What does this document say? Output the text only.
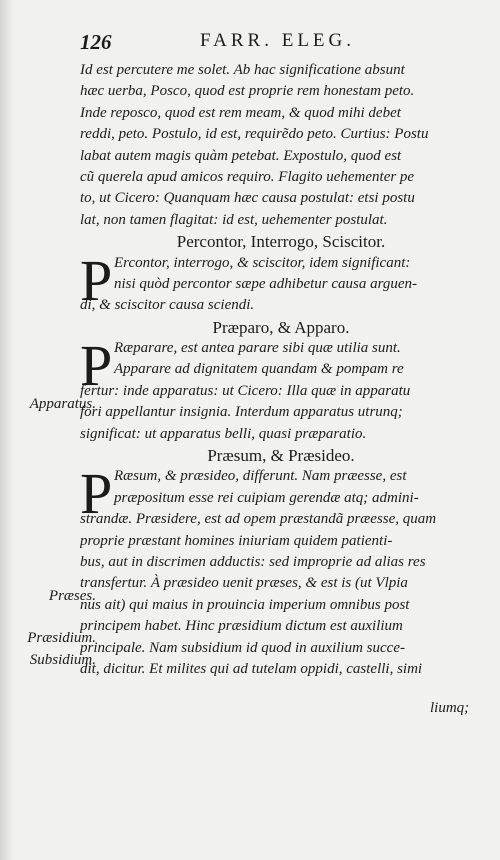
126	FARR. ELEG.
P
P
P
Id est percutere me solet. Ab hac significatione absunt
hæc uerba, Posco, quod est proprie rem honestam peto.
Inde reposco, quod est rem meam, & quod mihi debet
reddi, peto. Postulo, id est, requirẽdo peto. Curtius: Postu
labat autem magis quàm petebat. Expostulo, quod est
cũ querela apud amicos requiro. Flagito uehementer pe
to, ut Cicero: Quanquam hæc causa postulat: etsi postu
lat, non tamen flagitat: id est, uehementer postulat.
Percontor, Interrogo, Sciscitor.
Ercontor, interrogo, & sciscitor, idem significant:
nisi quòd percontor sæpe adhibetur causa arguen-
di, & sciscitor causa sciendi.
Præparo, & Apparo.
Ræparare, est antea parare sibi quæ utilia sunt.
Apparare ad dignitatem quandam & pompam re
fertur: inde apparatus: ut Cicero: Illa quæ in apparatu
fori appellantur insignia. Interdum apparatus utrunq;
significat: ut apparatus belli, quasi præparatio.
Præsum, & Præsideo.
Ræsum, & præsideo, differunt. Nam præesse, est
præpositum esse rei cuipiam gerendæ atq; admini-
strandæ. Præsidere, est ad opem præstandã præesse, quam
proprie præstant homines iniuriam quidem patienti-
bus, aut in discrimen adductis: sed improprie ad alias res
transfertur. À præsideo uenit præses, & est is (ut Vlpia
nus ait) qui maius in prouincia imperium omnibus post
principem habet. Hinc præsidium dictum est auxilium
principale. Nam subsidium id quod in auxilium succe-
dit, dicitur. Et milites qui ad tutelam oppidi, castelli, simi
Apparatus.
Præses.
Præsidium.
Subsidium.
liumq;
